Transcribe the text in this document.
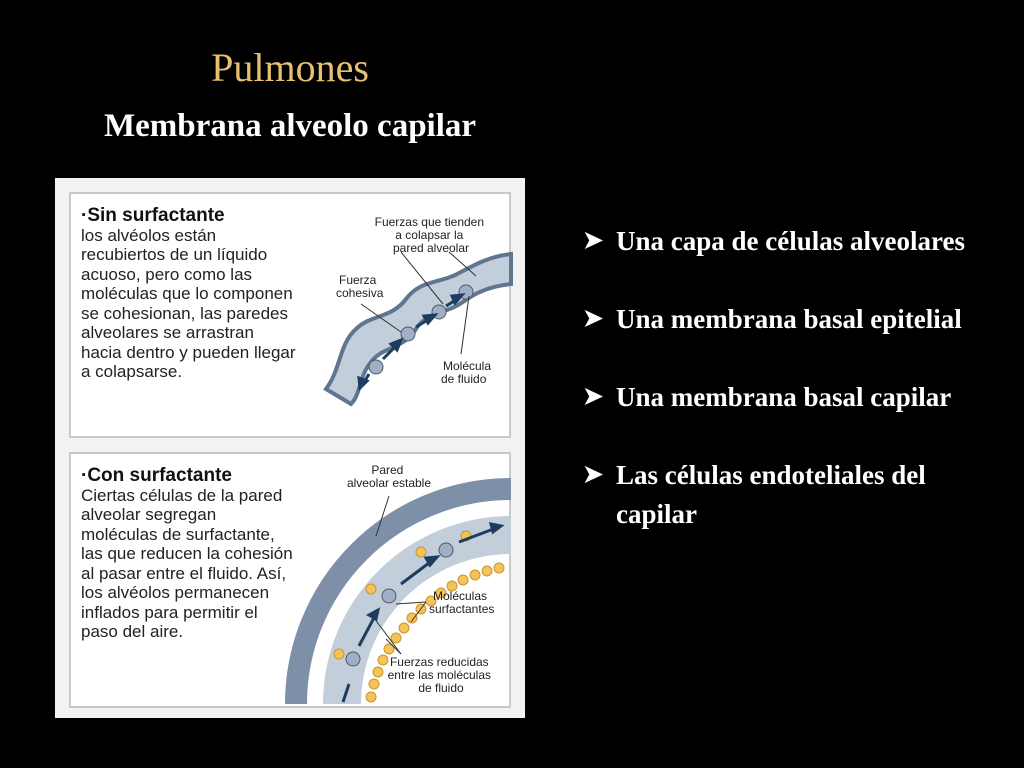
Pulmones
Membrana alveolo capilar
·Sin surfactante
los alvéolos están recubiertos de un líquido acuoso, pero como las moléculas que lo componen se cohesionan, las paredes alveolares se arrastran hacia dentro y pueden llegar a colapsarse.
Fuerzas que tienden a colapsar la pared alveolar
Fuerza cohesiva
Molécula de fluido
·Con surfactante
Ciertas células de la pared alveolar segregan moléculas de surfactante, las que reducen la cohesión al pasar entre el fluido. Así, los alvéolos permanecen inflados para permitir el paso del aire.
Pared alveolar estable
Moléculas surfactantes
Fuerzas reducidas entre las moléculas de fluido
➤ Una capa de células alveolares
➤ Una membrana basal epitelial
➤ Una membrana basal capilar
➤ Las células endoteliales del capilar
